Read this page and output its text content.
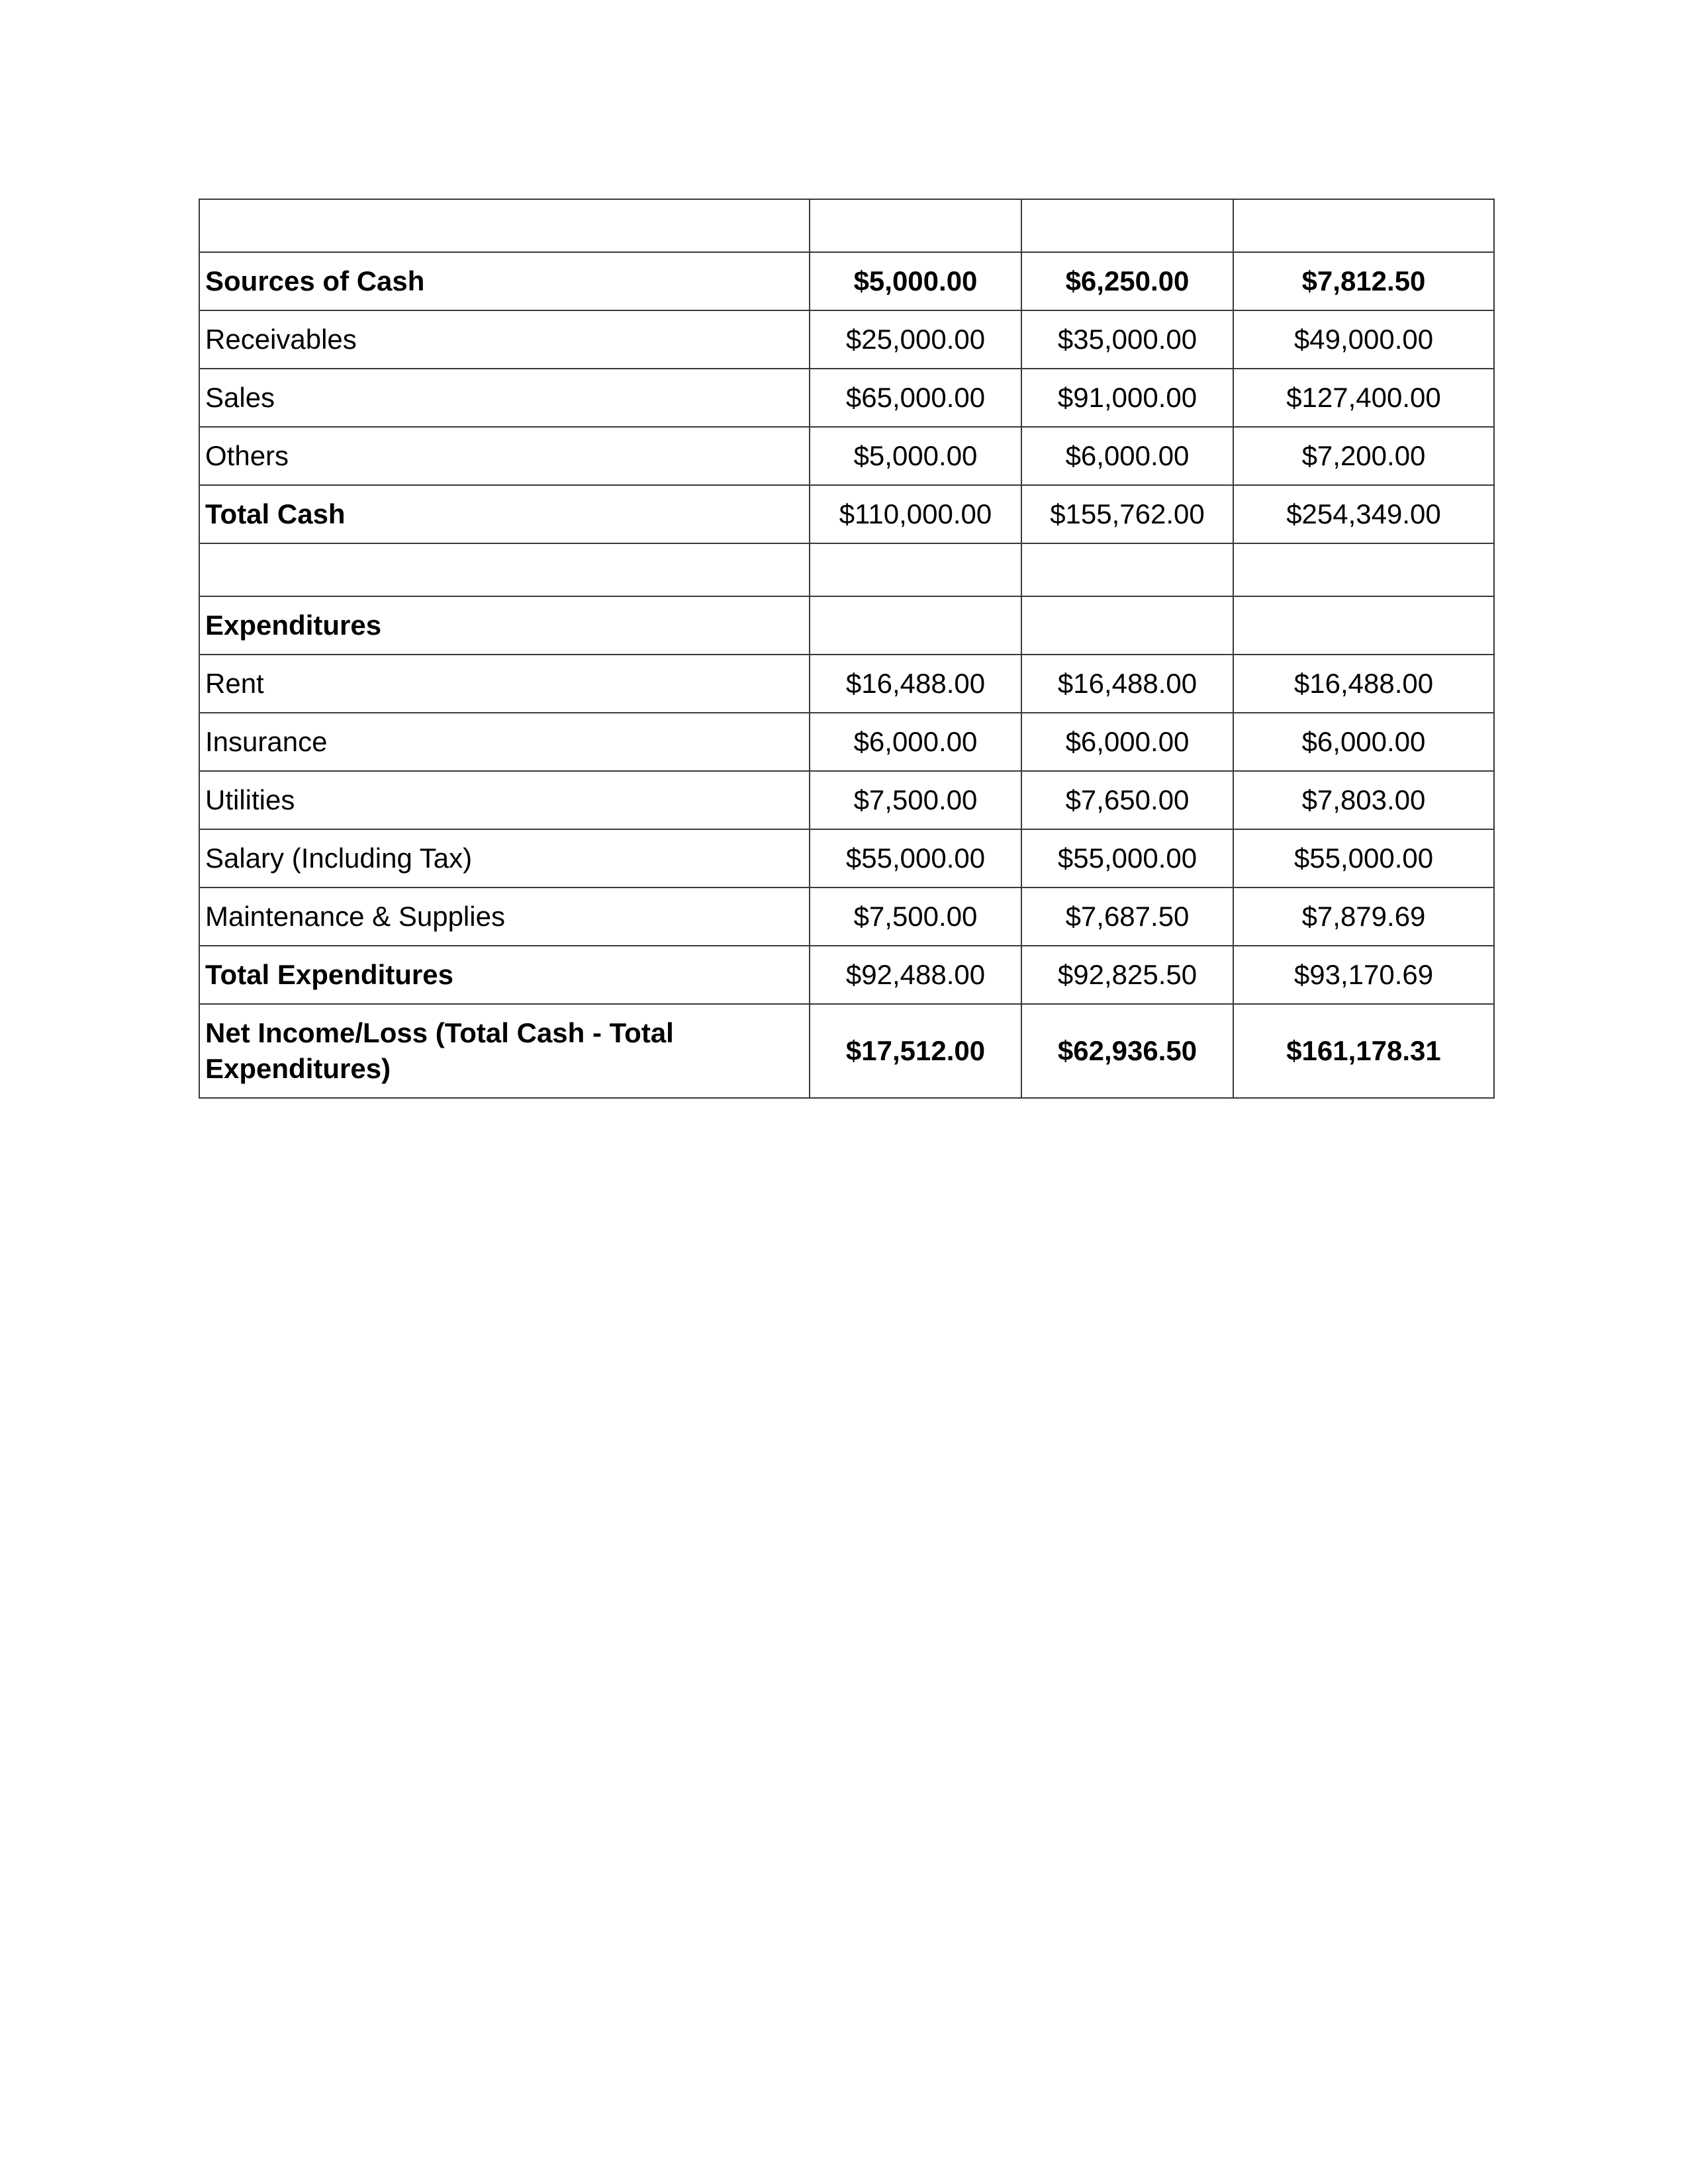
Sources of Cash	$5,000.00	$6,250.00	$7,812.50
Receivables	$25,000.00	$35,000.00	$49,000.00
Sales	$65,000.00	$91,000.00	$127,400.00
Others	$5,000.00	$6,000.00	$7,200.00
Total Cash	$110,000.00	$155,762.00	$254,349.00

Expenditures			
Rent	$16,488.00	$16,488.00	$16,488.00
Insurance	$6,000.00	$6,000.00	$6,000.00
Utilities	$7,500.00	$7,650.00	$7,803.00
Salary (Including Tax)	$55,000.00	$55,000.00	$55,000.00
Maintenance & Supplies	$7,500.00	$7,687.50	$7,879.69
Total Expenditures	$92,488.00	$92,825.50	$93,170.69
Net Income/Loss (Total Cash - Total Expenditures)	$17,512.00	$62,936.50	$161,178.31
